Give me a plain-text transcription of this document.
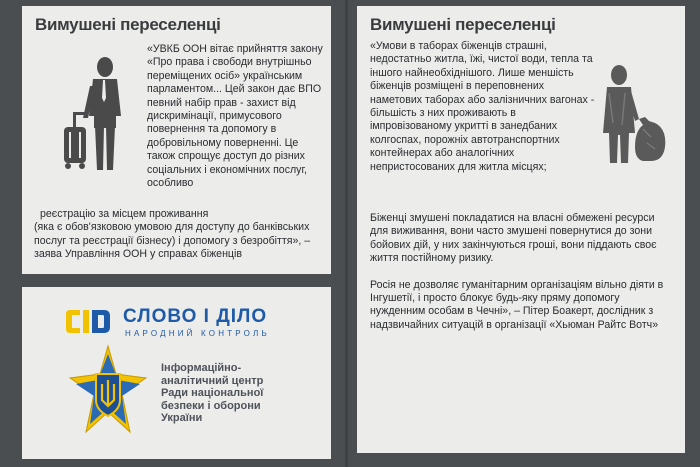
Вимушені переселенці
«УВКБ ООН вітає прийняття закону «Про права і свободи внутрішньо переміщених осіб» українським парламентом... Цей закон дає ВПО певний набір прав - захист від дискримінації, примусового повернення та допомогу в добровільному поверненні. Це також спрощує доступ до різних соціальних і економічних послуг, особливо
реєстрацію за місцем проживання
(яка є обов'язковою умовою для доступу до банківських послуг та реєстрації бізнесу) і допомогу з безробіття», – заява Управління ООН у справах біженців
СЛОВО І ДІЛО
НАРОДНИЙ КОНТРОЛЬ
Інформаційно-
аналітичний центр
Ради національної
безпеки і оборони
України
Вимушені переселенці
«Умови в таборах біженців страшні, недостатньо житла, їжі, чистої води, тепла та іншого найнеобхіднішого. Лише меншість біженців розміщені в переповнених наметових таборах або залізничних вагонах - більшість з них проживають в імпровізованому укритті в занедбаних колгоспах, порожніх автотранспортних контейнерах або аналогічних непристосованих для житла місцях;

Біженці змушені покладатися на власні обмежені ресурси для виживання, вони часто змушені повернутися до зони бойових дій, у них закінчуються гроші, вони піддають своє життя постійному ризику.

Росія не дозволяє гуманітарним організаціям вільно діяти в Інгушетії, і просто блокує будь-яку пряму допомогу нужденним особам в Чечні», – Пітер Боакерт, дослідник з надзвичайних ситуацій в організації «Хьюман Райтс Вотч»
